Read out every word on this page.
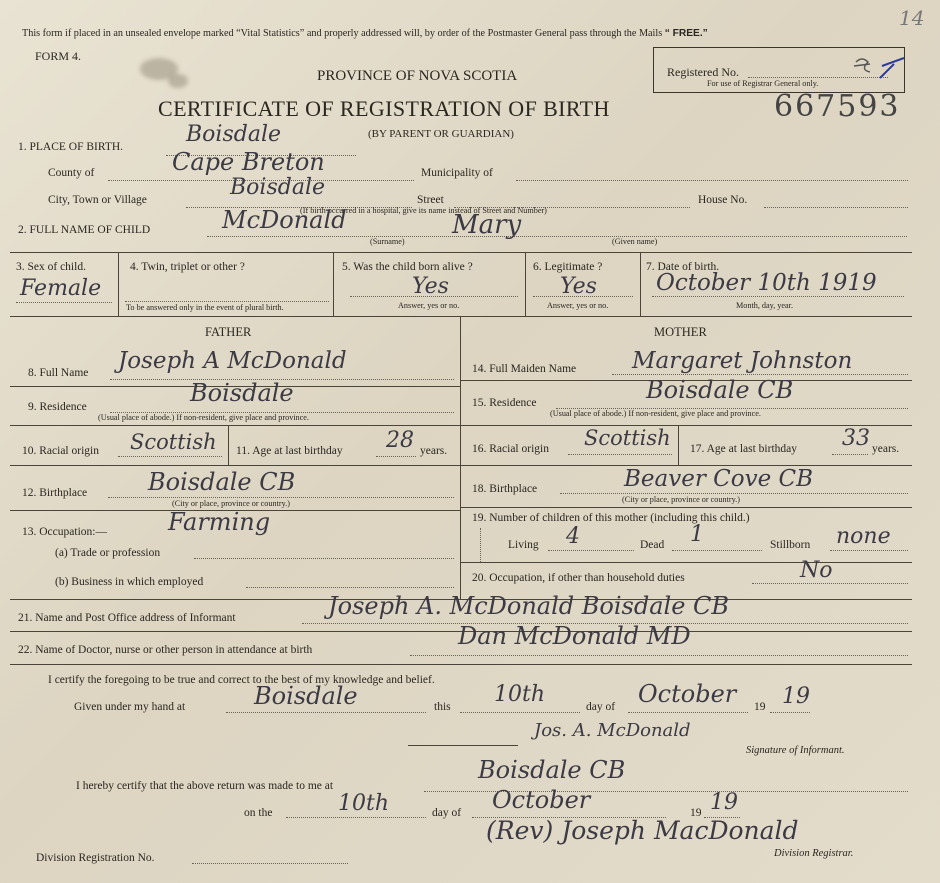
This form if placed in an unsealed envelope marked “Vital Statistics” and properly addressed will, by order of the Postmaster General pass through the Mails “ FREE.”
14
FORM 4.
PROVINCE OF NOVA SCOTIA	Registered No.
For use of Registrar General only.
CERTIFICATE OF REGISTRATION OF BIRTH	667593
(BY PARENT OR GUARDIAN)
1. PLACE OF BIRTH.	Boisdale
County of	Cape Breton	Municipality of
City, Town or Village	Boisdale	Street	House No.
(If birth occurred in a hospital, give its name instead of Street and Number)
2. FULL NAME OF CHILD	McDonald	Mary
(Surname)	(Given name)
3. Sex of child.
Female
4. Twin, triplet or other ?
To be answered only in the event of plural birth.
5. Was the child born alive ?
Yes
Answer, yes or no.
6. Legitimate ?
Yes
Answer, yes or no.
7. Date of birth.
October 10th 1919
Month, day, year.
FATHER
8. Full Name Joseph A McDonald
9. Residence	Boisdale
(Usual place of abode.) If non-resident, give place and province.
10. Racial origin Scottish 11. Age at last birthday 28 years.
12. Birthplace	Boisdale CB
(City or place, province or country.)
13. Occupation:—	Farming
(a) Trade or profession
(b) Business in which employed
MOTHER
14. Full Maiden Name Margaret Johnston
15. Residence	Boisdale CB
(Usual place of abode.) If non-resident, give place and province.
16. Racial origin Scottish 17. Age at last birthday 33 years.
18. Birthplace	Beaver Cove CB
(City or place, province or country.)
19. Number of children of this mother (including this child.)
Living 4	Dead 1	Stillborn none
20. Occupation, if other than household duties	No
21. Name and Post Office address of Informant	Joseph A. McDonald Boisdale CB
22. Name of Doctor, nurse or other person in attendance at birth	Dan McDonald MD
I certify the foregoing to be true and correct to the best of my knowledge and belief.
Given under my hand at	Boisdale	this 10th	day of October 19 19
Jos. A. McDonald
Signature of Informant.
I hereby certify that the above return was made to me at
Boisdale CB
on the	10th	day of October	19 19
(Rev) Joseph MacDonald
Division Registrar.
Division Registration No.
